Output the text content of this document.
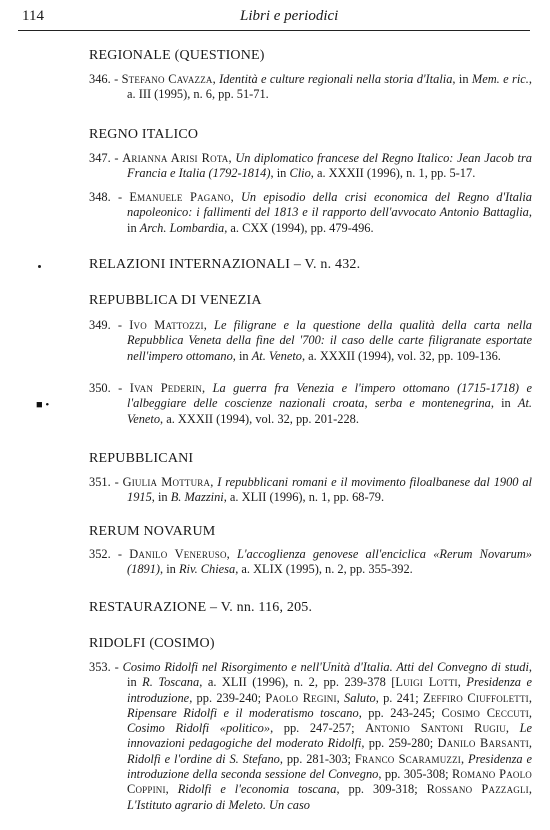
114	Libri e periodici
REGIONALE (QUESTIONE)
346. - Stefano Cavazza, Identità e culture regionali nella storia d'Italia, in Mem. e ric., a. III (1995), n. 6, pp. 51-71.
REGNO ITALICO
347. - Arianna Arisi Rota, Un diplomatico francese del Regno Italico: Jean Jacob tra Francia e Italia (1792-1814), in Clio, a. XXXII (1996), n. 1, pp. 5-17.
348. - Emanuele Pagano, Un episodio della crisi economica del Regno d'Italia napoleonico: i fallimenti del 1813 e il rapporto dell'avvocato Antonio Battaglia, in Arch. Lombardia, a. CXX (1994), pp. 479-496.
RELAZIONI INTERNAZIONALI – V. n. 432.
REPUBBLICA DI VENEZIA
349. - Ivo Mattozzi, Le filigrane e la questione della qualità della carta nella Repubblica Veneta della fine del '700: il caso delle carte filigranate esportate nell'impero ottomano, in At. Veneto, a. XXXII (1994), vol. 32, pp. 109-136.
■ •
350. - Ivan Pederin, La guerra fra Venezia e l'impero ottomano (1715-1718) e l'albeggiare delle coscienze nazionali croata, serba e montenegrina, in At. Veneto, a. XXXII (1994), vol. 32, pp. 201-228.
REPUBBLICANI
351. - Giulia Mottura, I repubblicani romani e il movimento filoalbanese dal 1900 al 1915, in B. Mazzini, a. XLII (1996), n. 1, pp. 68-79.
RERUM NOVARUM
352. - Danilo Veneruso, L'accoglienza genovese all'enciclica «Rerum Novarum» (1891), in Riv. Chiesa, a. XLIX (1995), n. 2, pp. 355-392.
RESTAURAZIONE – V. nn. 116, 205.
RIDOLFI (COSIMO)
353. - Cosimo Ridolfi nel Risorgimento e nell'Unità d'Italia. Atti del Convegno di studi, in R. Toscana, a. XLII (1996), n. 2, pp. 239-378 [Luigi Lotti, Presidenza e introduzione, pp. 239-240; Paolo Regini, Saluto, p. 241; Zeffiro Ciuffoletti, Ripensare Ridolfi e il moderatismo toscano, pp. 243-245; Cosimo Ceccuti, Cosimo Ridolfi «politico», pp. 247-257; Antonio Santoni Rugiu, Le innovazioni pedagogiche del moderato Ridolfi, pp. 259-280; Danilo Barsanti, Ridolfi e l'ordine di S. Stefano, pp. 281-303; Franco Scaramuzzi, Presidenza e introduzione della seconda sessione del Convegno, pp. 305-308; Romano Paolo Coppini, Ridolfi e l'economia toscana, pp. 309-318; Rossano Pazzagli, L'Istituto agrario di Meleto. Un caso
